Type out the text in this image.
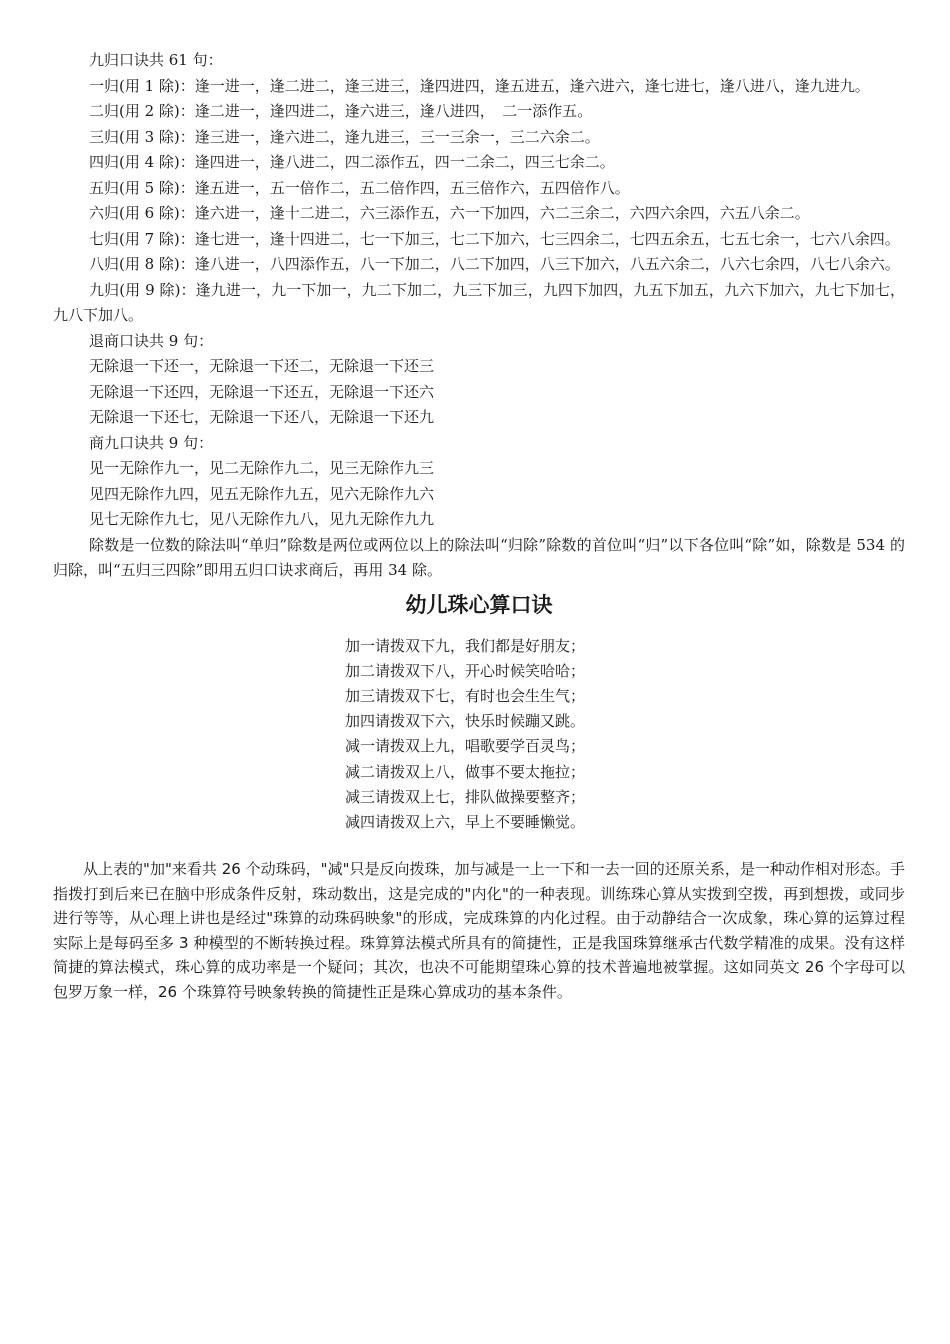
九归口诀共 61 句：

一归(用 1 除)：逢一进一，逢二进二，逢三进三，逢四进四，逢五进五，逢六进六，逢七进七，逢八进八，逢九进九。

二归(用 2 除)：逢二进一，逢四进二，逢六进三，逢八进四，　二一添作五。

三归(用 3 除)：逢三进一，逢六进二，逢九进三，三一三余一，三二六余二。

四归(用 4 除)：逢四进一，逢八进二，四二添作五，四一二余二，四三七余二。

五归(用 5 除)：逢五进一，五一倍作二，五二倍作四，五三倍作六，五四倍作八。

六归(用 6 除)：逢六进一，逢十二进二，六三添作五，六一下加四，六二三余二，六四六余四，六五八余二。

七归(用 7 除)：逢七进一，逢十四进二，七一下加三，七二下加六，七三四余二，七四五余五，七五七余一，七六八余四。

八归(用 8 除)：逢八进一，八四添作五，八一下加二，八二下加四，八三下加六，八五六余二，八六七余四，八七八余六。

九归(用 9 除)：逢九进一，九一下加一，九二下加二，九三下加三，九四下加四，九五下加五，九六下加六，九七下加七，九八下加八。

退商口诀共 9 句：

无除退一下还一，无除退一下还二，无除退一下还三

无除退一下还四，无除退一下还五，无除退一下还六

无除退一下还七，无除退一下还八，无除退一下还九

商九口诀共 9 句：

见一无除作九一，见二无除作九二，见三无除作九三

见四无除作九四，见五无除作九五，见六无除作九六

见七无除作九七，见八无除作九八，见九无除作九九

除数是一位数的除法叫“单归”除数是两位或两位以上的除法叫“归除”除数的首位叫“归”以下各位叫“除”如，除数是 534 的归除，叫“五归三四除”即用五归口诀求商后，再用 34 除。

幼儿珠心算口诀
加一请拨双下九，我们都是好朋友；
加二请拨双下八，开心时候笑哈哈；
加三请拨双下七，有时也会生生气；
加四请拨双下六，快乐时候蹦又跳。
减一请拨双上九，唱歌要学百灵鸟；
减二请拨双上八，做事不要太拖拉；
减三请拨双上七，排队做操要整齐；
减四请拨双上六，早上不要睡懒觉。

从上表的"加"来看共 26 个动珠码，"减"只是反向拨珠，加与减是一上一下和一去一回的还原关系，是一种动作相对形态。手指拨打到后来已在脑中形成条件反射，珠动数出，这是完成的"内化"的一种表现。训练珠心算从实拨到空拨，再到想拨，或同步进行等等，从心理上讲也是经过"珠算的动珠码映象"的形成，完成珠算的内化过程。由于动静结合一次成象，珠心算的运算过程实际上是每码至多 3 种模型的不断转换过程。珠算算法模式所具有的简捷性，正是我国珠算继承古代数学精准的成果。没有这样简捷的算法模式，珠心算的成功率是一个疑问；其次，也决不可能期望珠心算的技术普遍地被掌握。这如同英文 26 个字母可以包罗万象一样，26 个珠算符号映象转换的简捷性正是珠心算成功的基本条件。
